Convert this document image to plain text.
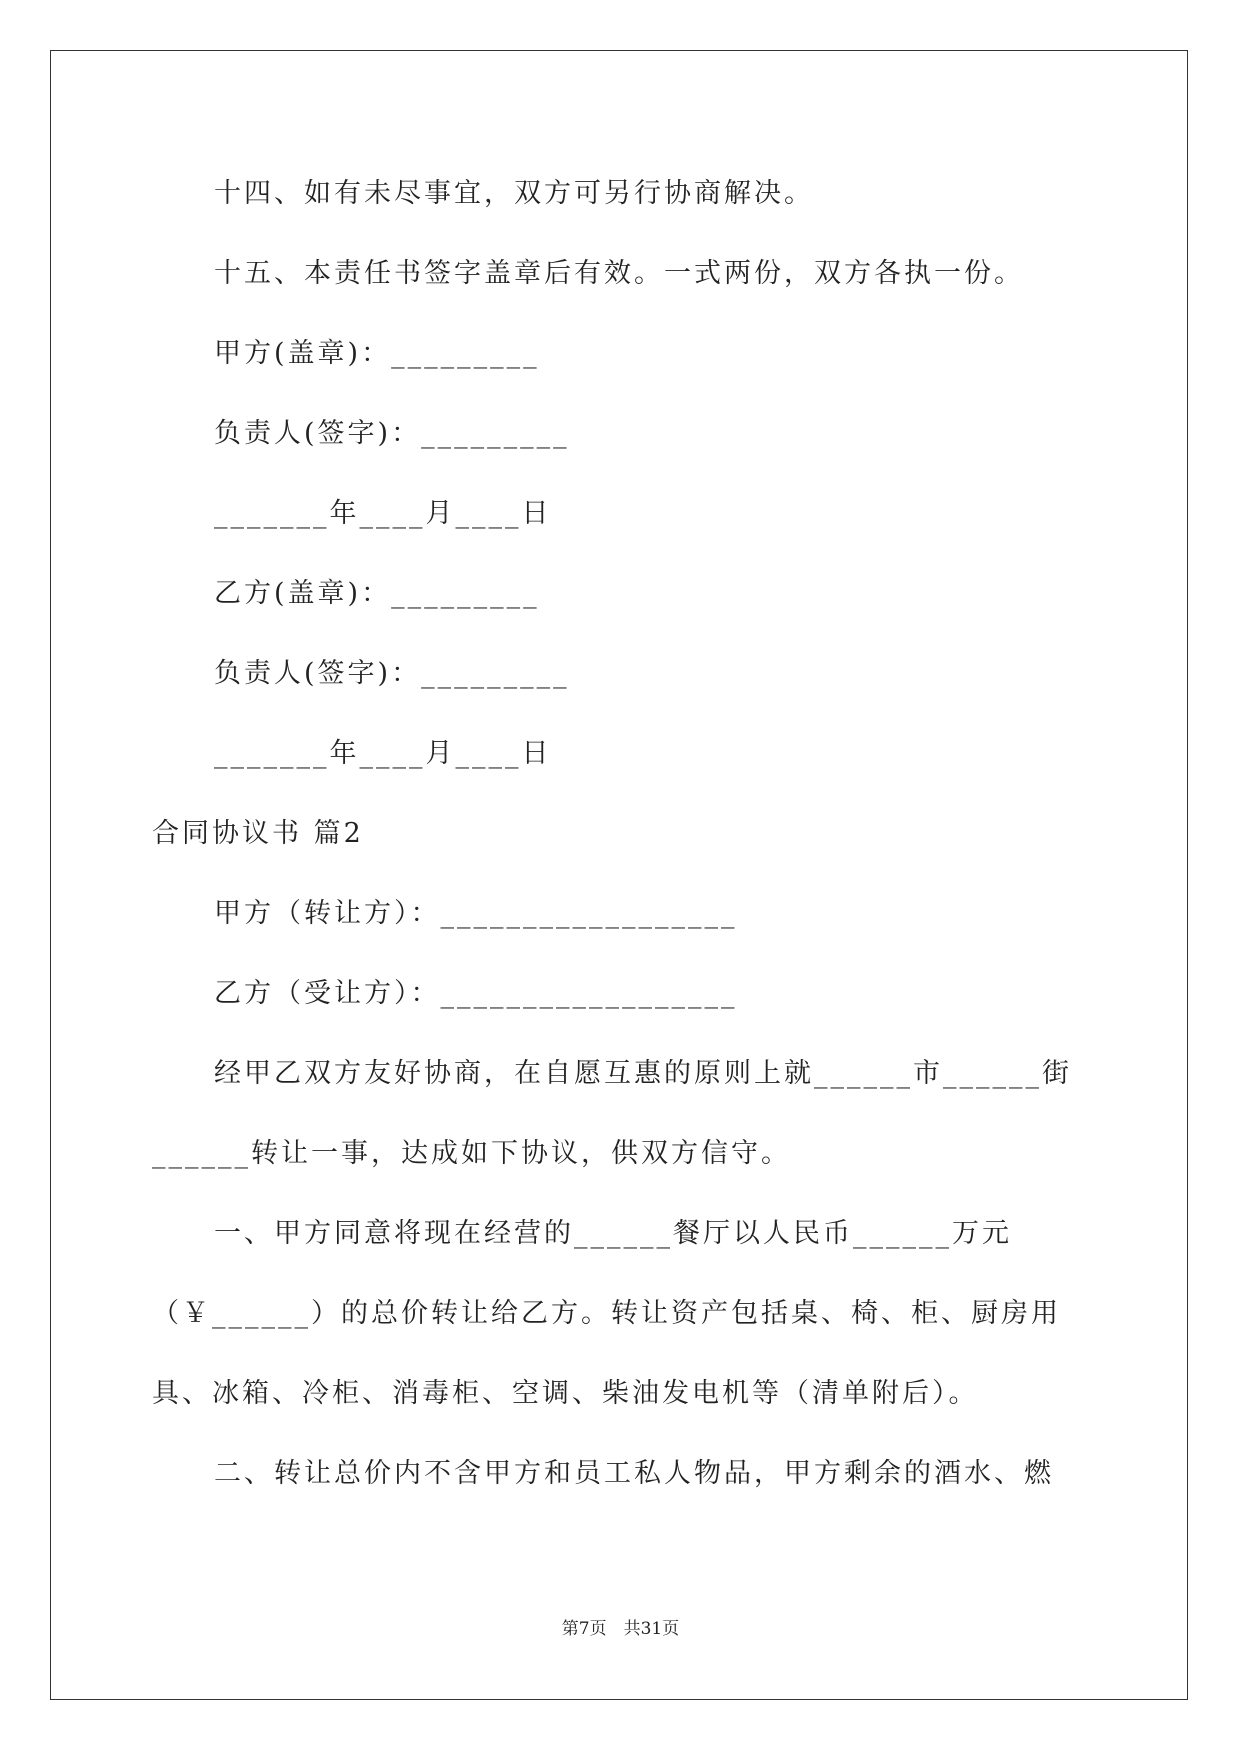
十四、如有未尽事宜，双方可另行协商解决。
十五、本责任书签字盖章后有效。一式两份，双方各执一份。
甲方(盖章)：_________
负责人(签字)：_________
_______年____月____日
乙方(盖章)：_________
负责人(签字)：_________
_______年____月____日
合同协议书 篇2
甲方（转让方）：__________________
乙方（受让方）：__________________
经甲乙双方友好协商，在自愿互惠的原则上就______市______街
______转让一事，达成如下协议，供双方信守。
一、甲方同意将现在经营的______餐厅以人民币______万元
（￥______）的总价转让给乙方。转让资产包括桌、椅、柜、厨房用
具、冰箱、冷柜、消毒柜、空调、柴油发电机等（清单附后）。
二、转让总价内不含甲方和员工私人物品，甲方剩余的酒水、燃
第7页　共31页
